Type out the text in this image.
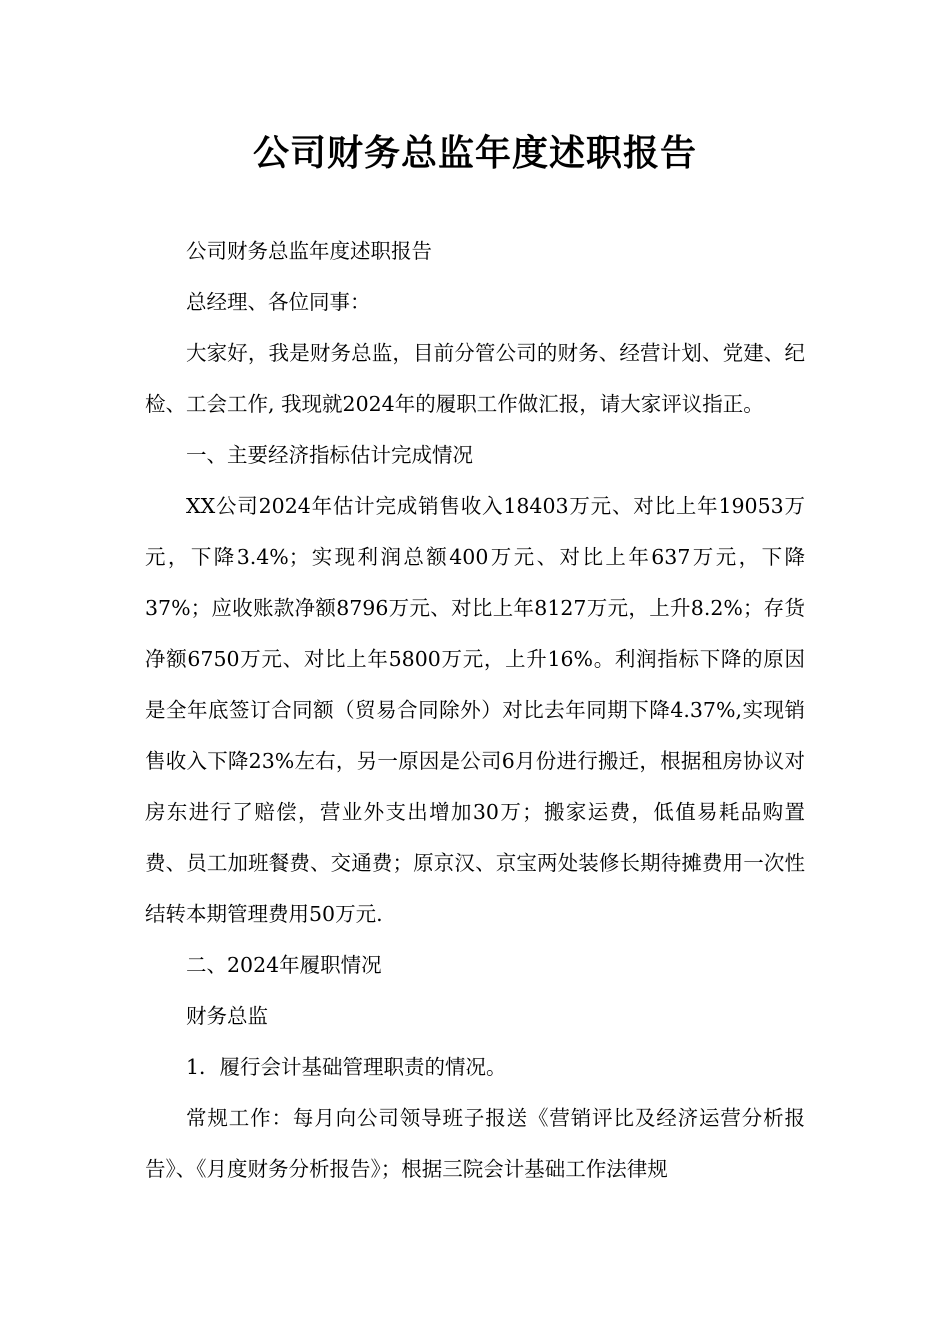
公司财务总监年度述职报告

公司财务总监年度述职报告

总经理、各位同事：

大家好，我是财务总监，目前分管公司的财务、经营计划、党建、纪检、工会工作, 我现就2024年的履职工作做汇报，请大家评议指正。

一、主要经济指标估计完成情况

XX公司2024年估计完成销售收入18403万元、对比上年19053万元，下降3.4%；实现利润总额400万元、对比上年637万元，下降37%；应收账款净额8796万元、对比上年8127万元，上升8.2%；存货净额6750万元、对比上年5800万元，上升16%。利润指标下降的原因是全年底签订合同额（贸易合同除外）对比去年同期下降4.37%,实现销售收入下降23%左右，另一原因是公司6月份进行搬迁，根据租房协议对房东进行了赔偿，营业外支出增加30万；搬家运费，低值易耗品购置费、员工加班餐费、交通费；原京汉、京宝两处装修长期待摊费用一次性结转本期管理费用50万元.

二、2024年履职情况

财务总监

1．履行会计基础管理职责的情况。

常规工作：每月向公司领导班子报送《营销评比及经济运营分析报告》、《月度财务分析报告》；根据三院会计基础工作法律规
